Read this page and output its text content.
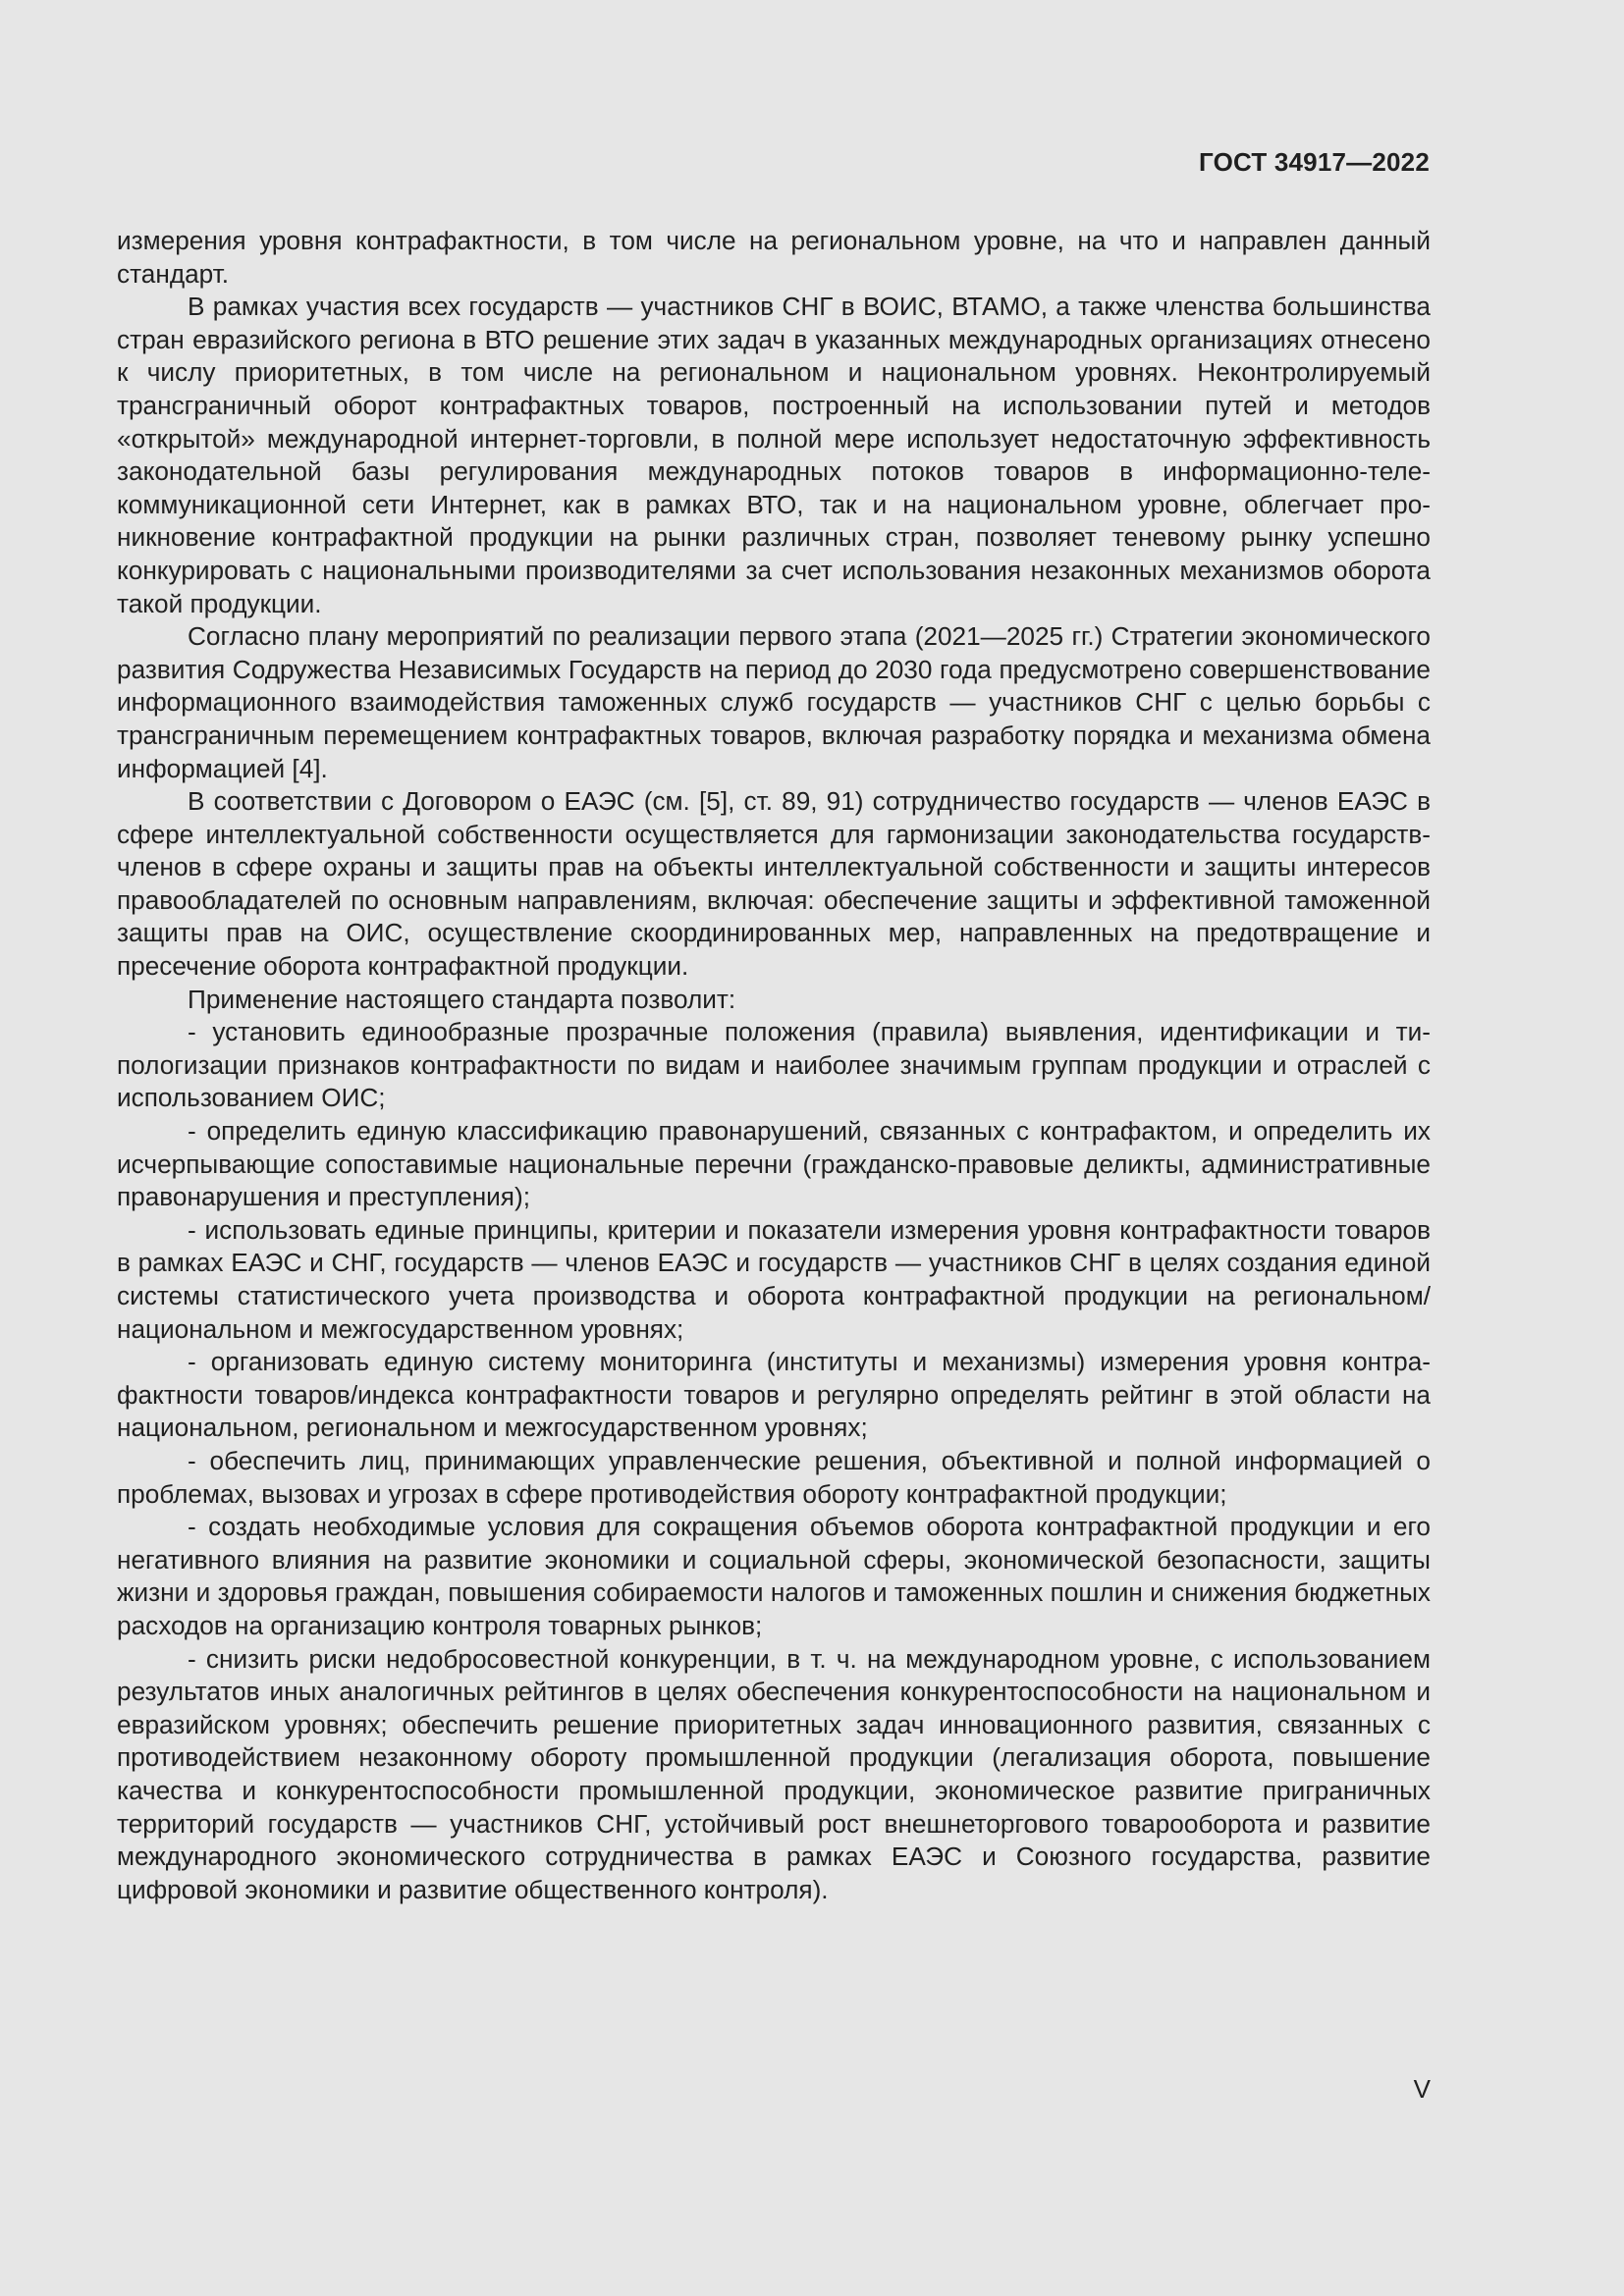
ГОСТ 34917—2022

измерения уровня контрафактности, в том числе на региональном уровне, на что и направлен данный стандарт.

В рамках участия всех государств — участников СНГ в ВОИС, ВТАМО, а также членства большинства стран евразийского региона в ВТО решение этих задач в указанных международных организациях отнесено к числу приоритетных, в том числе на региональном и национальном уровнях. Неконтролируемый трансграничный оборот контрафактных товаров, построенный на использовании путей и методов «открытой» международной интернет-торговли, в полной мере использует недостаточную эффективность законодательной базы регулирования международных потоков товаров в информационно-телекоммуникационной сети Интернет, как в рамках ВТО, так и на национальном уровне, облегчает проникновение контрафактной продукции на рынки различных стран, позволяет теневому рынку успешно конкурировать с национальными производителями за счет использования незаконных механизмов оборота такой продукции.

Согласно плану мероприятий по реализации первого этапа (2021—2025 гг.) Стратегии экономического развития Содружества Независимых Государств на период до 2030 года предусмотрено совершенствование информационного взаимодействия таможенных служб государств — участников СНГ с целью борьбы с трансграничным перемещением контрафактных товаров, включая разработку порядка и механизма обмена информацией [4].

В соответствии с Договором о ЕАЭС (см. [5], ст. 89, 91) сотрудничество государств — членов ЕАЭС в сфере интеллектуальной собственности осуществляется для гармонизации законодательства государств-членов в сфере охраны и защиты прав на объекты интеллектуальной собственности и защиты интересов правообладателей по основным направлениям, включая: обеспечение защиты и эффективной таможенной защиты прав на ОИС, осуществление скоординированных мер, направленных на предотвращение и пресечение оборота контрафактной продукции.

Применение настоящего стандарта позволит:

- установить единообразные прозрачные положения (правила) выявления, идентификации и типологизации признаков контрафактности по видам и наиболее значимым группам продукции и отраслей с использованием ОИС;

- определить единую классификацию правонарушений, связанных с контрафактом, и определить их исчерпывающие сопоставимые национальные перечни (гражданско-правовые деликты, административные правонарушения и преступления);

- использовать единые принципы, критерии и показатели измерения уровня контрафактности товаров в рамках ЕАЭС и СНГ, государств — членов ЕАЭС и государств — участников СНГ в целях создания единой системы статистического учета производства и оборота контрафактной продукции на региональном/национальном и межгосударственном уровнях;

- организовать единую систему мониторинга (институты и механизмы) измерения уровня контрафактности товаров/индекса контрафактности товаров и регулярно определять рейтинг в этой области на национальном, региональном и межгосударственном уровнях;

- обеспечить лиц, принимающих управленческие решения, объективной и полной информацией о проблемах, вызовах и угрозах в сфере противодействия обороту контрафактной продукции;

- создать необходимые условия для сокращения объемов оборота контрафактной продукции и его негативного влияния на развитие экономики и социальной сферы, экономической безопасности, защиты жизни и здоровья граждан, повышения собираемости налогов и таможенных пошлин и снижения бюджетных расходов на организацию контроля товарных рынков;

- снизить риски недобросовестной конкуренции, в т. ч. на международном уровне, с использованием результатов иных аналогичных рейтингов в целях обеспечения конкурентоспособности на национальном и евразийском уровнях; обеспечить решение приоритетных задач инновационного развития, связанных с противодействием незаконному обороту промышленной продукции (легализация оборота, повышение качества и конкурентоспособности промышленной продукции, экономическое развитие приграничных территорий государств — участников СНГ, устойчивый рост внешнеторгового товарооборота и развитие международного экономического сотрудничества в рамках ЕАЭС и Союзного государства, развитие цифровой экономики и развитие общественного контроля).

V
